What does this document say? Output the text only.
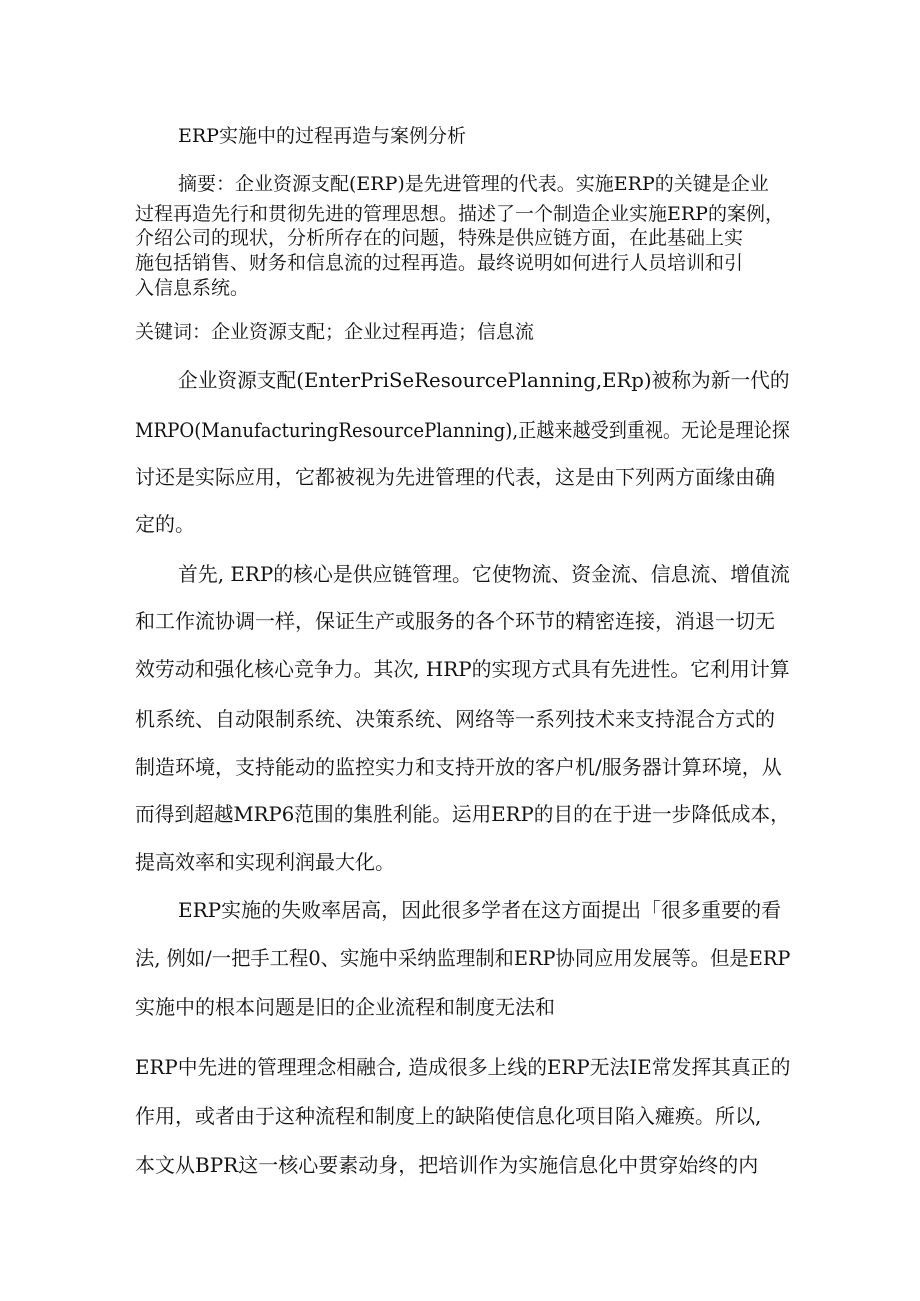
ERP实施中的过程再造与案例分析
摘要：企业资源支配(ERP)是先进管理的代表。实施ERP的关键是企业
过程再造先行和贯彻先进的管理思想。描述了一个制造企业实施ERP的案例，
介绍公司的现状，分析所存在的问题，特殊是供应链方面，在此基础上实
施包括销售、财务和信息流的过程再造。最终说明如何进行人员培训和引
入信息系统。
关键词：企业资源支配；企业过程再造；信息流
企业资源支配(EnterPriSeResourcePlanning,ERp)被称为新一代的
MRPO(ManufacturingResourcePlanning),正越来越受到重视。无论是理论探
讨还是实际应用，它都被视为先进管理的代表，这是由下列两方面缘由确
定的。
首先, ERP的核心是供应链管理。它使物流、资金流、信息流、增值流
和工作流协调一样，保证生产或服务的各个环节的精密连接，消退一切无
效劳动和强化核心竞争力。其次, HRP的实现方式具有先进性。它利用计算
机系统、自动限制系统、决策系统、网络等一系列技术来支持混合方式的
制造环境，支持能动的监控实力和支持开放的客户机/服务器计算环境，从
而得到超越MRP6范围的集胜利能。运用ERP的目的在于进一步降低成本，
提高效率和实现利润最大化。
ERP实施的失败率居高，因此很多学者在这方面提出「很多重要的看
法, 例如/一把手工程0、实施中采纳监理制和ERP协同应用发展等。但是ERP
实施中的根本问题是旧的企业流程和制度无法和
ERP中先进的管理理念相融合, 造成很多上线的ERP无法IE常发挥其真正的
作用，或者由于这种流程和制度上的缺陷使信息化项目陷入瘫痪。所以,
本文从BPR这一核心要素动身，把培训作为实施信息化中贯穿始终的内
